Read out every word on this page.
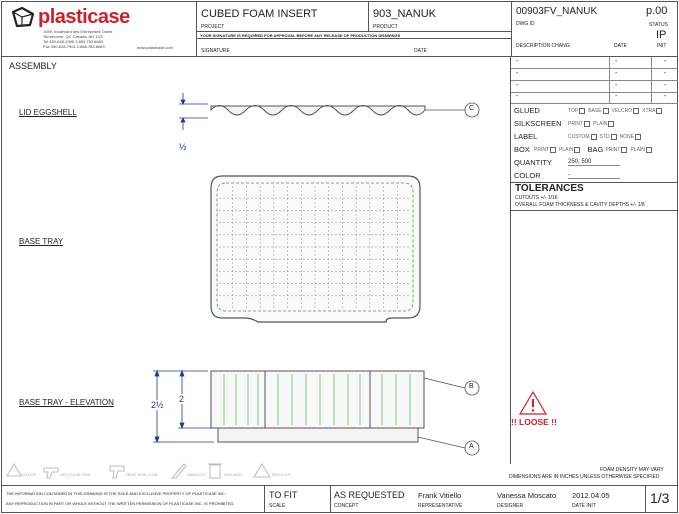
plasticase
1059, boulevard des Entreprises Ouest
Terrebonne, QC Canada J6Y 1V2
Tel 450-628-1096 1.800.783.6683
Fax 450-628-7901 1.888.783.6683	www.plasticase.com
CUBED FOAM INSERT
PROJECT
903_NANUK
PRODUCT
YOUR SIGNATURE IS REQUIRED FOR APPROVAL BEFORE ANY RELEASE OF PRODUCTION DRAWINGS
SIGNATURE	DATE
00903FV_NANUK
DWG ID
p.00
STATUS
IP
DESCRIPTION CHANG.	DATE	INIT
-	-	-
-	-	-
-	-	-
-	-	-
GLUED	TOP BASE VELCRO XTRA
SILKSCREEN	PRINT PLAIN
LABEL	CUSTOM STD NONE
BOX PRINT PLAIN BAG PRINT PLAIN
QUANTITY	250, 500
COLOR	-
TOLERANCES
CUTOUTS +/- 1/16
OVERALL FOAM THICKNESS & CAVITY DEPTHS +/- 1/8
ASSEMBLY
LID EGGSHELL
BASE TRAY
BASE TRAY - ELEVATION
½
2½
2
C
B
A
!! LOOSE !!
FOAM DENSITY MAY VARY
DIMENSIONS ARE IN INCHES UNLESS OTHERWISE SPECIFIED
NOTICE	HOT GLUE GUN	HEAT SEAL GUN	HANDCUT	DISCARD	RECYCLE
THE INFORMATION CONTAINED IN THIS DRAWING IS THE SOLE AND EXCLUSIVE PROPERTY OF PLASTICASE INC.
ANY REPRODUCTION IN PART OR WHOLE WITHOUT THE WRITTEN PERMISSION OF PLASTICASE INC. IS PROHIBITED.
TO FIT
SCALE
AS REQUESTED
CONCEPT
Frank Vitiello
REPRESENTATIVE
Vanessa Moscato
DESIGNER
2012.04.05
DATE INIT	1/3
